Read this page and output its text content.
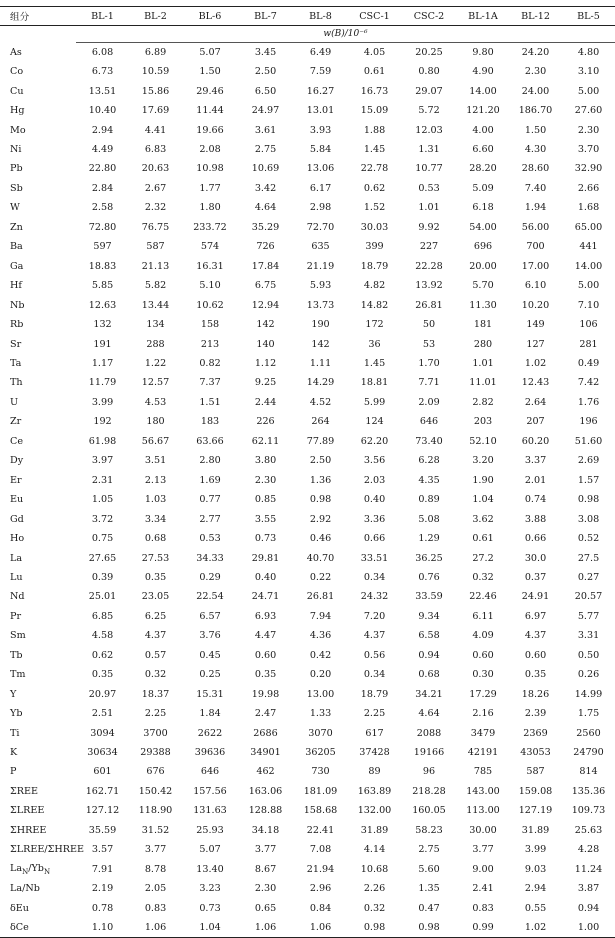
组分	BL-1	BL-2	BL-6	BL-7	BL-8	CSC-1	CSC-2	BL-1A	BL-12	BL-5
	w(B)/10⁻⁶									
As	6.08	6.89	5.07	3.45	6.49	4.05	20.25	9.80	24.20	4.80
Co	6.73	10.59	1.50	2.50	7.59	0.61	0.80	4.90	2.30	3.10
Cu	13.51	15.86	29.46	6.50	16.27	16.73	29.07	14.00	24.00	5.00
Hg	10.40	17.69	11.44	24.97	13.01	15.09	5.72	121.20	186.70	27.60
Mo	2.94	4.41	19.66	3.61	3.93	1.88	12.03	4.00	1.50	2.30
Ni	4.49	6.83	2.08	2.75	5.84	1.45	1.31	6.60	4.30	3.70
Pb	22.80	20.63	10.98	10.69	13.06	22.78	10.77	28.20	28.60	32.90
Sb	2.84	2.67	1.77	3.42	6.17	0.62	0.53	5.09	7.40	2.66
W	2.58	2.32	1.80	4.64	2.98	1.52	1.01	6.18	1.94	1.68
Zn	72.80	76.75	233.72	35.29	72.70	30.03	9.92	54.00	56.00	65.00
Ba	597	587	574	726	635	399	227	696	700	441
Ga	18.83	21.13	16.31	17.84	21.19	18.79	22.28	20.00	17.00	14.00
Hf	5.85	5.82	5.10	6.75	5.93	4.82	13.92	5.70	6.10	5.00
Nb	12.63	13.44	10.62	12.94	13.73	14.82	26.81	11.30	10.20	7.10
Rb	132	134	158	142	190	172	50	181	149	106
Sr	191	288	213	140	142	36	53	280	127	281
Ta	1.17	1.22	0.82	1.12	1.11	1.45	1.70	1.01	1.02	0.49
Th	11.79	12.57	7.37	9.25	14.29	18.81	7.71	11.01	12.43	7.42
U	3.99	4.53	1.51	2.44	4.52	5.99	2.09	2.82	2.64	1.76
Zr	192	180	183	226	264	124	646	203	207	196
Ce	61.98	56.67	63.66	62.11	77.89	62.20	73.40	52.10	60.20	51.60
Dy	3.97	3.51	2.80	3.80	2.50	3.56	6.28	3.20	3.37	2.69
Er	2.31	2.13	1.69	2.30	1.36	2.03	4.35	1.90	2.01	1.57
Eu	1.05	1.03	0.77	0.85	0.98	0.40	0.89	1.04	0.74	0.98
Gd	3.72	3.34	2.77	3.55	2.92	3.36	5.08	3.62	3.88	3.08
Ho	0.75	0.68	0.53	0.73	0.46	0.66	1.29	0.61	0.66	0.52
La	27.65	27.53	34.33	29.81	40.70	33.51	36.25	27.2	30.0	27.5
Lu	0.39	0.35	0.29	0.40	0.22	0.34	0.76	0.32	0.37	0.27
Nd	25.01	23.05	22.54	24.71	26.81	24.32	33.59	22.46	24.91	20.57
Pr	6.85	6.25	6.57	6.93	7.94	7.20	9.34	6.11	6.97	5.77
Sm	4.58	4.37	3.76	4.47	4.36	4.37	6.58	4.09	4.37	3.31
Tb	0.62	0.57	0.45	0.60	0.42	0.56	0.94	0.60	0.60	0.50
Tm	0.35	0.32	0.25	0.35	0.20	0.34	0.68	0.30	0.35	0.26
Y	20.97	18.37	15.31	19.98	13.00	18.79	34.21	17.29	18.26	14.99
Yb	2.51	2.25	1.84	2.47	1.33	2.25	4.64	2.16	2.39	1.75
Ti	3094	3700	2622	2686	3070	617	2088	3479	2369	2560
K	30634	29388	39636	34901	36205	37428	19166	42191	43053	24790
P	601	676	646	462	730	89	96	785	587	814
ΣREE	162.71	150.42	157.56	163.06	181.09	163.89	218.28	143.00	159.08	135.36
ΣLREE	127.12	118.90	131.63	128.88	158.68	132.00	160.05	113.00	127.19	109.73
ΣHREE	35.59	31.52	25.93	34.18	22.41	31.89	58.23	30.00	31.89	25.63
ΣLREE/ΣHREE	3.57	3.77	5.07	3.77	7.08	4.14	2.75	3.77	3.99	4.28
$La_N/Yb_N$	7.91	8.78	13.40	8.67	21.94	10.68	5.60	9.00	9.03	11.24
La/Nb	2.19	2.05	3.23	2.30	2.96	2.26	1.35	2.41	2.94	3.87
δEu	0.78	0.83	0.73	0.65	0.84	0.32	0.47	0.83	0.55	0.94
δCe	1.10	1.06	1.04	1.06	1.06	0.98	0.98	0.99	1.02	1.00
